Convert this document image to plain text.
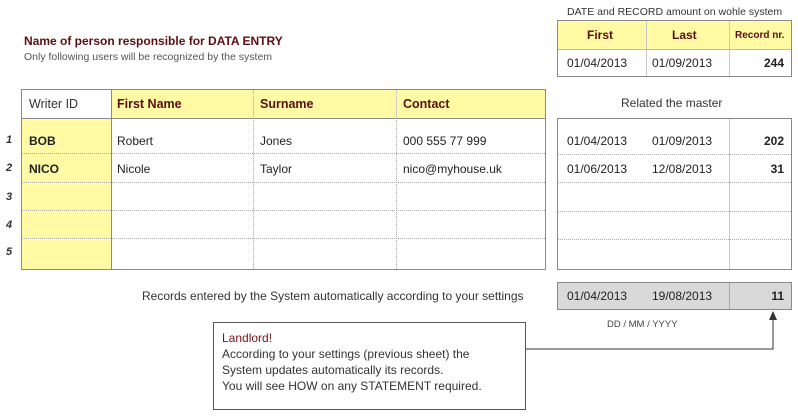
Name of person responsible for DATA ENTRY
Only following users will be recognized by the system
DATE and RECORD amount on wohle system
First	Last	Record nr.
01/04/2013 01/09/2013	244
1
2
3
4
5
Writer ID	First Name	Surname	Contact
BOB	Robert	Jones	000 555 77 999
NICO	Nicole	Taylor	nico@myhouse.uk
Related the master
01/04/2013 01/09/2013	202
01/06/2013 12/08/2013	31
Records entered by the System automatically according to your settings	01/04/2013 19/08/2013	11
DD / MM / YYYY
Landlord!
According to your settings (previous sheet) the
System updates automatically its records.
You will see HOW on any STATEMENT required.
